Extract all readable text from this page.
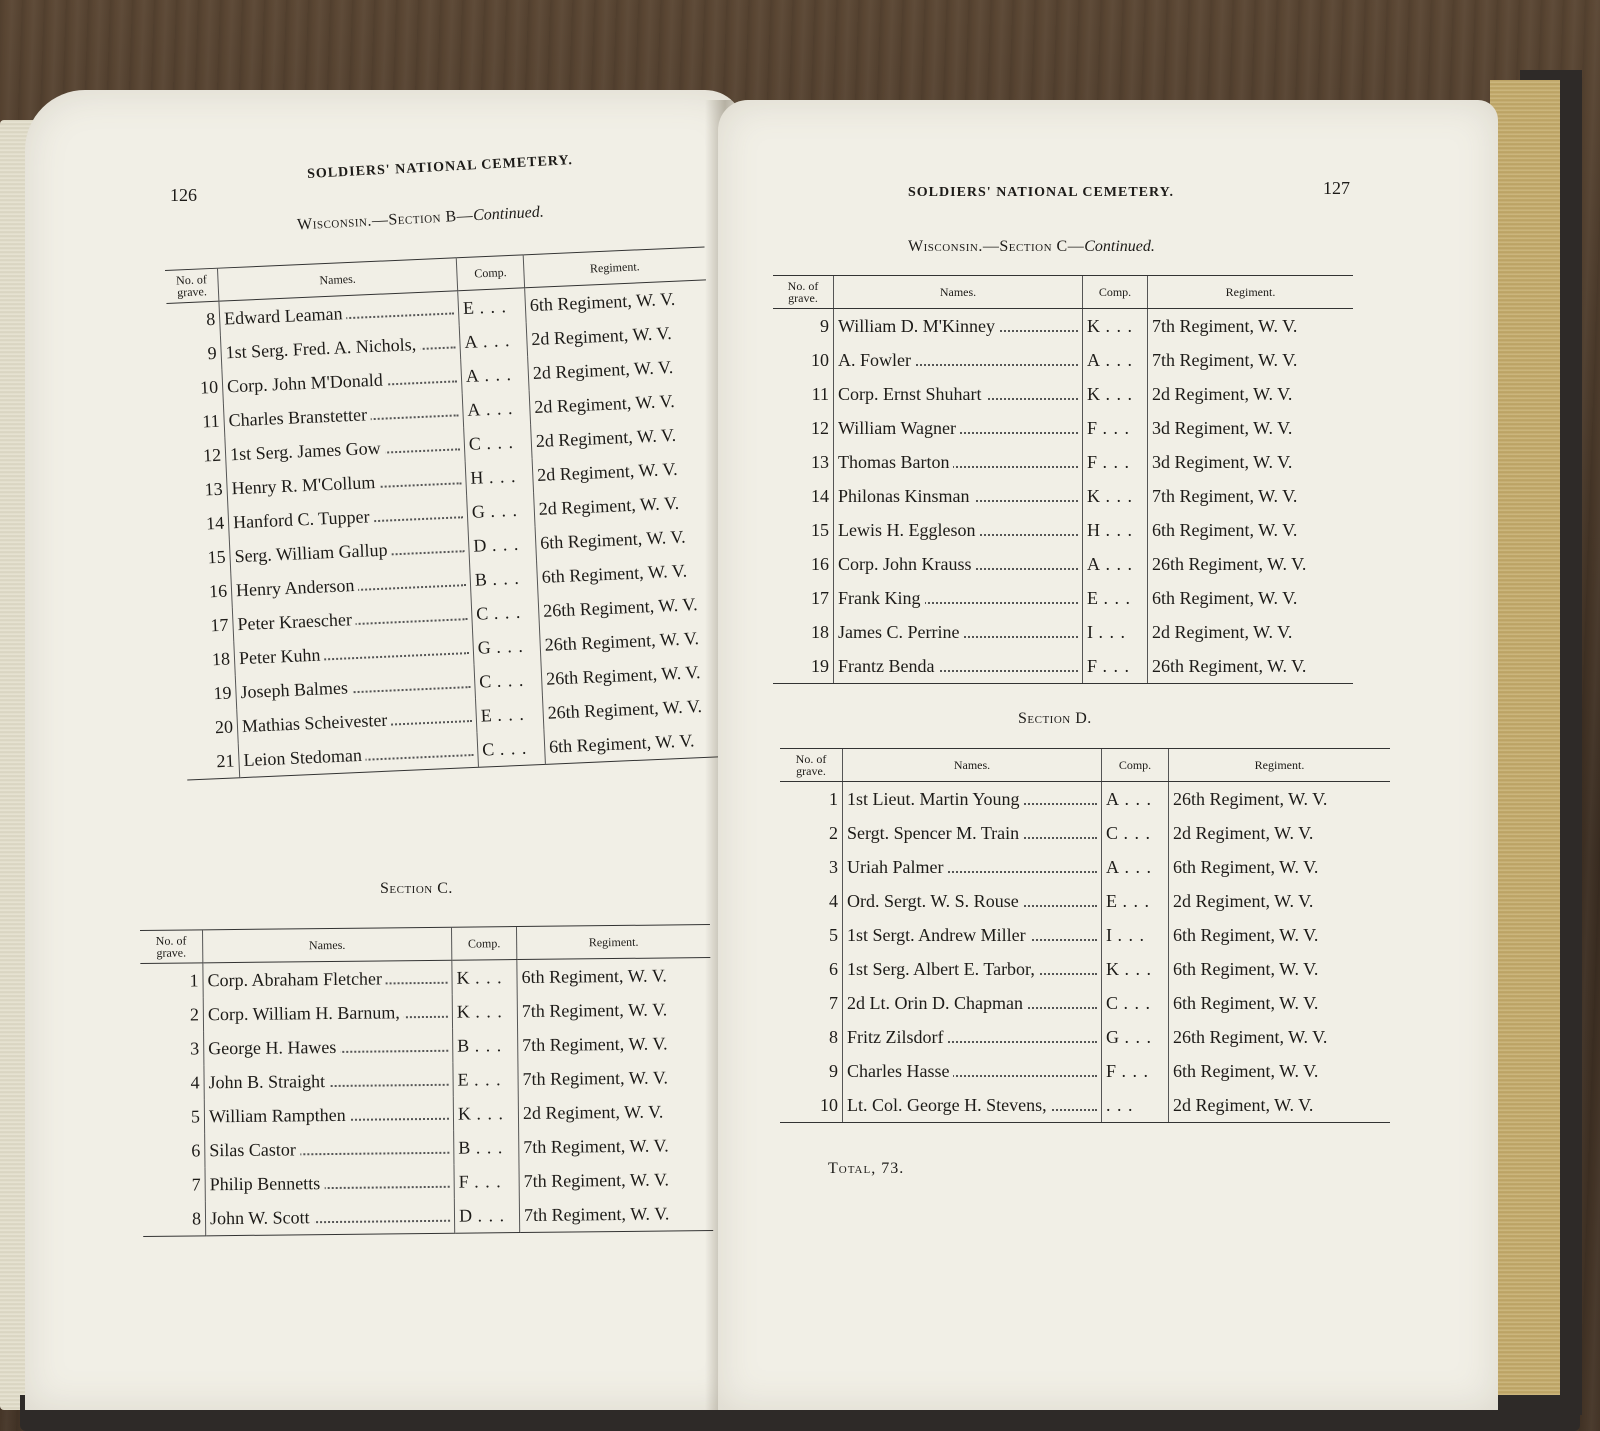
126
SOLDIERS' NATIONAL CEMETERY.
Wisconsin.—Section B—Continued.
No. of grave.	Names.	Comp.	Regiment.
8	Edward Leaman	E . . .	6th Regiment, W. V.
9	1st Serg. Fred. A. Nichols,	A . . .	2d Regiment, W. V.
10	Corp. John M'Donald	A . . .	2d Regiment, W. V.
11	Charles Branstetter	A . . .	2d Regiment, W. V.
12	1st Serg. James Gow	C . . .	2d Regiment, W. V.
13	Henry R. M'Collum	H . . .	2d Regiment, W. V.
14	Hanford C. Tupper	G . . .	2d Regiment, W. V.
15	Serg. William Gallup	D . . .	6th Regiment, W. V.
16	Henry Anderson	B . . .	6th Regiment, W. V.
17	Peter Kraescher	C . . .	26th Regiment, W. V.
18	Peter Kuhn	G . . .	26th Regiment, W. V.
19	Joseph Balmes	C . . .	26th Regiment, W. V.
20	Mathias Scheivester	E . . .	26th Regiment, W. V.
21	Leion Stedoman	C . . .	6th Regiment, W. V.
Section C.
No. of grave.	Names.	Comp.	Regiment.
1	Corp. Abraham Fletcher	K . . .	6th Regiment, W. V.
2	Corp. William H. Barnum,	K . . .	7th Regiment, W. V.
3	George H. Hawes	B . . .	7th Regiment, W. V.
4	John B. Straight	E . . .	7th Regiment, W. V.
5	William Rampthen	K . . .	2d Regiment, W. V.
6	Silas Castor	B . . .	7th Regiment, W. V.
7	Philip Bennetts	F . . .	7th Regiment, W. V.
8	John W. Scott	D . . .	7th Regiment, W. V.
SOLDIERS' NATIONAL CEMETERY.	127
Wisconsin.—Section C—Continued.
No. of grave.	Names.	Comp.	Regiment.
9	William D. M'Kinney	K . . .	7th Regiment, W. V.
10	A. Fowler	A . . .	7th Regiment, W. V.
11	Corp. Ernst Shuhart	K . . .	2d Regiment, W. V.
12	William Wagner	F . . .	3d Regiment, W. V.
13	Thomas Barton	F . . .	3d Regiment, W. V.
14	Philonas Kinsman	K . . .	7th Regiment, W. V.
15	Lewis H. Eggleson	H . . .	6th Regiment, W. V.
16	Corp. John Krauss	A . . .	26th Regiment, W. V.
17	Frank King	E . . .	6th Regiment, W. V.
18	James C. Perrine	I . . .	2d Regiment, W. V.
19	Frantz Benda	F . . .	26th Regiment, W. V.
Section D.
No. of grave.	Names.	Comp.	Regiment.
1	1st Lieut. Martin Young	A . . .	26th Regiment, W. V.
2	Sergt. Spencer M. Train	C . . .	2d Regiment, W. V.
3	Uriah Palmer	A . . .	6th Regiment, W. V.
4	Ord. Sergt. W. S. Rouse	E . . .	2d Regiment, W. V.
5	1st Sergt. Andrew Miller	I . . .	6th Regiment, W. V.
6	1st Serg. Albert E. Tarbor,	K . . .	6th Regiment, W. V.
7	2d Lt. Orin D. Chapman	C . . .	6th Regiment, W. V.
8	Fritz Zilsdorf	G . . .	26th Regiment, W. V.
9	Charles Hasse	F . . .	6th Regiment, W. V.
10	Lt. Col. George H. Stevens,	. . .	2d Regiment, W. V.
Total, 73.
